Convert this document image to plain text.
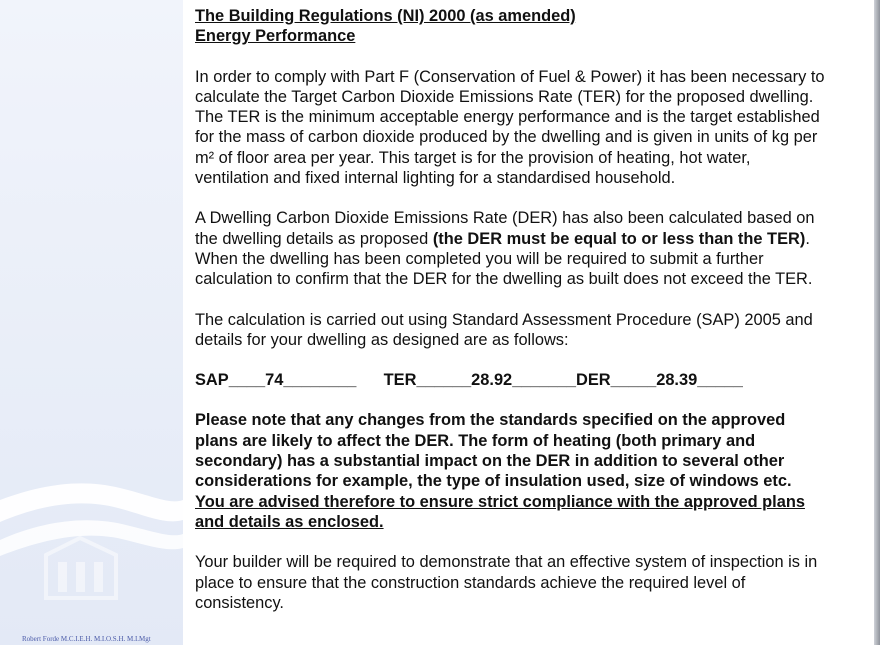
Robert Forde M.C.I.E.H. M.I.O.S.H. M.I.Mgt

The Building Regulations (NI) 2000 (as amended)

Energy Performance

In order to comply with Part F (Conservation of Fuel & Power) it has been necessary to calculate the Target Carbon Dioxide Emissions Rate (TER) for the proposed dwelling. The TER is the minimum acceptable energy performance and is the target established for the mass of carbon dioxide produced by the dwelling and is given in units of kg per m² of floor area per year. This target is for the provision of heating, hot water, ventilation and fixed internal lighting for a standardised household.

A Dwelling Carbon Dioxide Emissions Rate (DER) has also been calculated based on the dwelling details as proposed (the DER must be equal to or less than the TER). When the dwelling has been completed you will be required to submit a further calculation to confirm that the DER for the dwelling as built does not exceed the TER.

The calculation is carried out using Standard Assessment Procedure (SAP) 2005 and details for your dwelling as designed are as follows:

SAP____74________      TER______28.92_______DER_____28.39_____

Please note that any changes from the standards specified on the approved plans are likely to affect the DER. The form of heating (both primary and secondary) has a substantial impact on the DER in addition to several other considerations for example, the type of insulation used, size of windows etc. You are advised therefore to ensure strict compliance with the approved plans and details as enclosed.

Your builder will be required to demonstrate that an effective system of inspection is in place to ensure that the construction standards achieve the required level of consistency.
